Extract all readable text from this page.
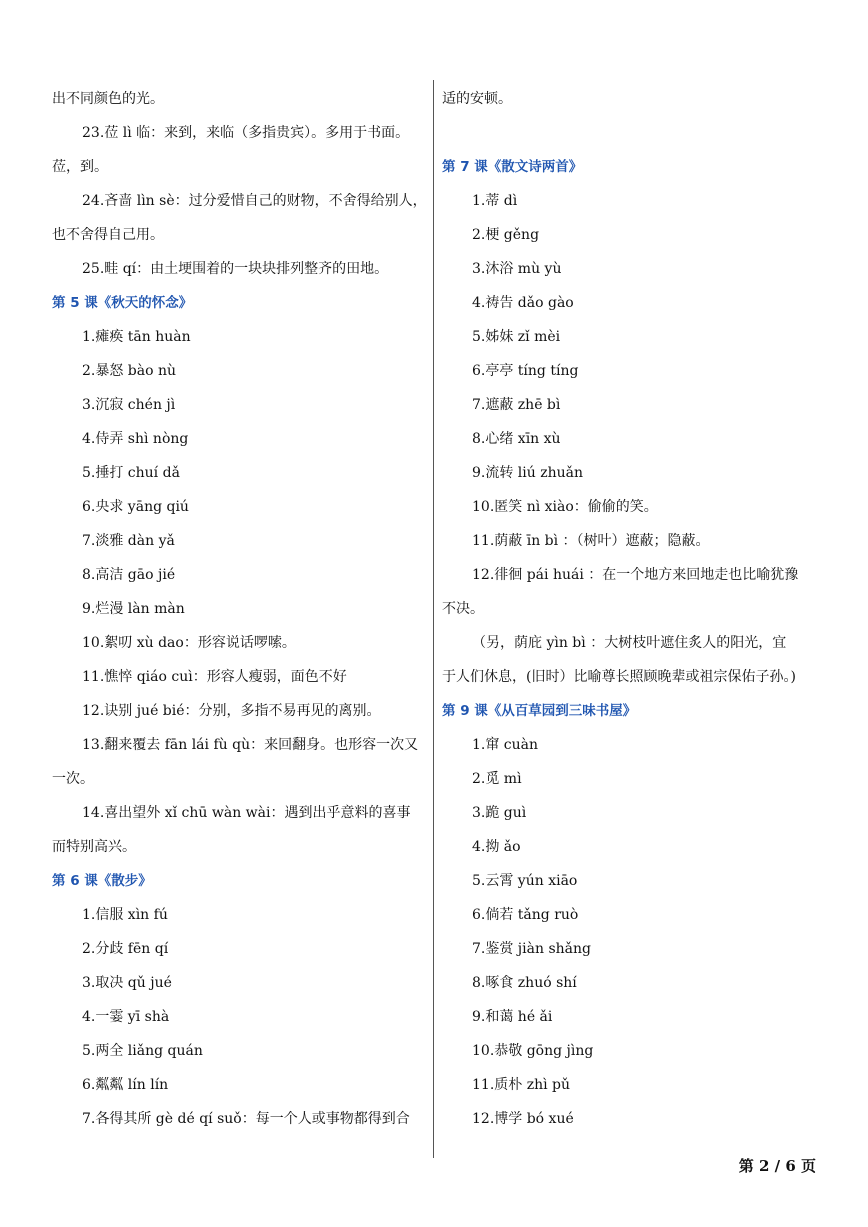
出不同颜色的光。
23.莅 lì 临：来到，来临（多指贵宾）。多用于书面。
莅，到。
24.吝啬 lìn sè：过分爱惜自己的财物，不舍得给别人，
也不舍得自己用。
25.畦 qí：由土埂围着的一块块排列整齐的田地。
第 5 课《秋天的怀念》
1.瘫痪 tān huàn
2.暴怒 bào nù
3.沉寂 chén jì
4.侍弄 shì nòng
5.捶打 chuí dǎ
6.央求 yāng qiú
7.淡雅 dàn yǎ
8.高洁 gāo jié
9.烂漫 làn màn
10.絮叨 xù dao：形容说话啰嗦。
11.憔悴 qiáo cuì：形容人瘦弱，面色不好
12.诀别 jué bié：分别，多指不易再见的离别。
13.翻来覆去 fān lái fù qù：来回翻身。也形容一次又
一次。
14.喜出望外 xǐ chū wàn wài：遇到出乎意料的喜事
而特别高兴。
第 6 课《散步》
1.信服 xìn fú
2.分歧 fēn qí
3.取决 qǔ jué
4.一霎 yī shà
5.两全 liǎng quán
6.粼粼 lín lín
7.各得其所 gè dé qí suǒ：每一个人或事物都得到合
适的安顿。
第 7 课《散文诗两首》
1.蒂 dì
2.梗 gěng
3.沐浴 mù yù
4.祷告 dǎo gào
5.姊妹 zǐ mèi
6.亭亭 tíng tíng
7.遮蔽 zhē bì
8.心绪 xīn xù
9.流转 liú zhuǎn
10.匿笑 nì xiào：偷偷的笑。
11.荫蔽 īn bì ：（树叶）遮蔽；隐蔽。
12.徘徊 pái huái ：在一个地方来回地走也比喻犹豫
不决。
（另，荫庇 yìn bì ：大树枝叶遮住炙人的阳光，宜
于人们休息，(旧时）比喻尊长照顾晚辈或祖宗保佑子孙。)
第 9 课《从百草园到三味书屋》
1.窜 cuàn
2.觅 mì
3.跪 guì
4.拗 ǎo
5.云霄 yún xiāo
6.倘若 tǎng ruò
7.鉴赏 jiàn shǎng
8.啄食 zhuó shí
9.和蔼 hé ǎi
10.恭敬 gōng jìng
11.质朴 zhì pǔ
12.博学 bó xué
第 2 / 6 页
